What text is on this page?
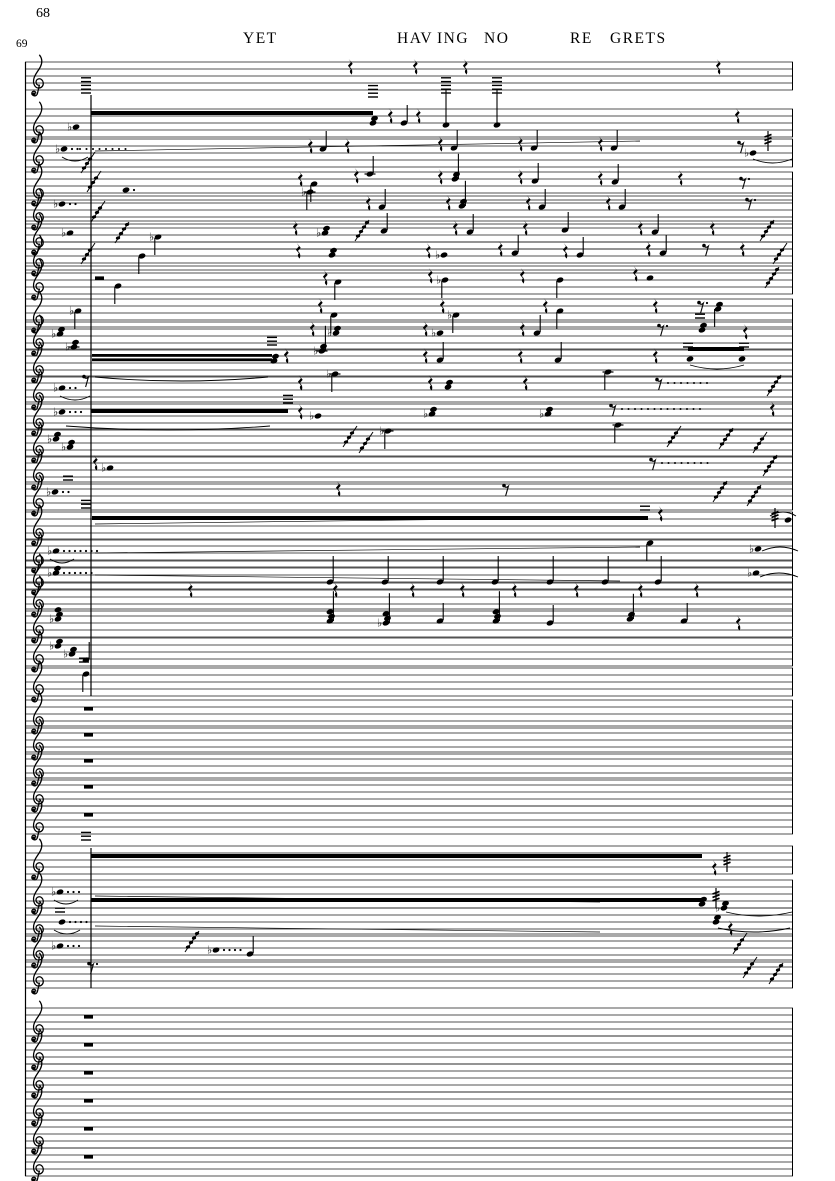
68
69	YET	HAV ING NO	RE GRETS
♭
♭	♭
♭
♭
♭	♭	♭
♭
♭
♭	♭
♭	♭	♭
♭	♭
♭
♭
♭	♭	♭	♭
♭
♭
♭
♭
♭
♭	♭
♭	♭
♭	♭
♭
♭
♭
♭
♭	♭
